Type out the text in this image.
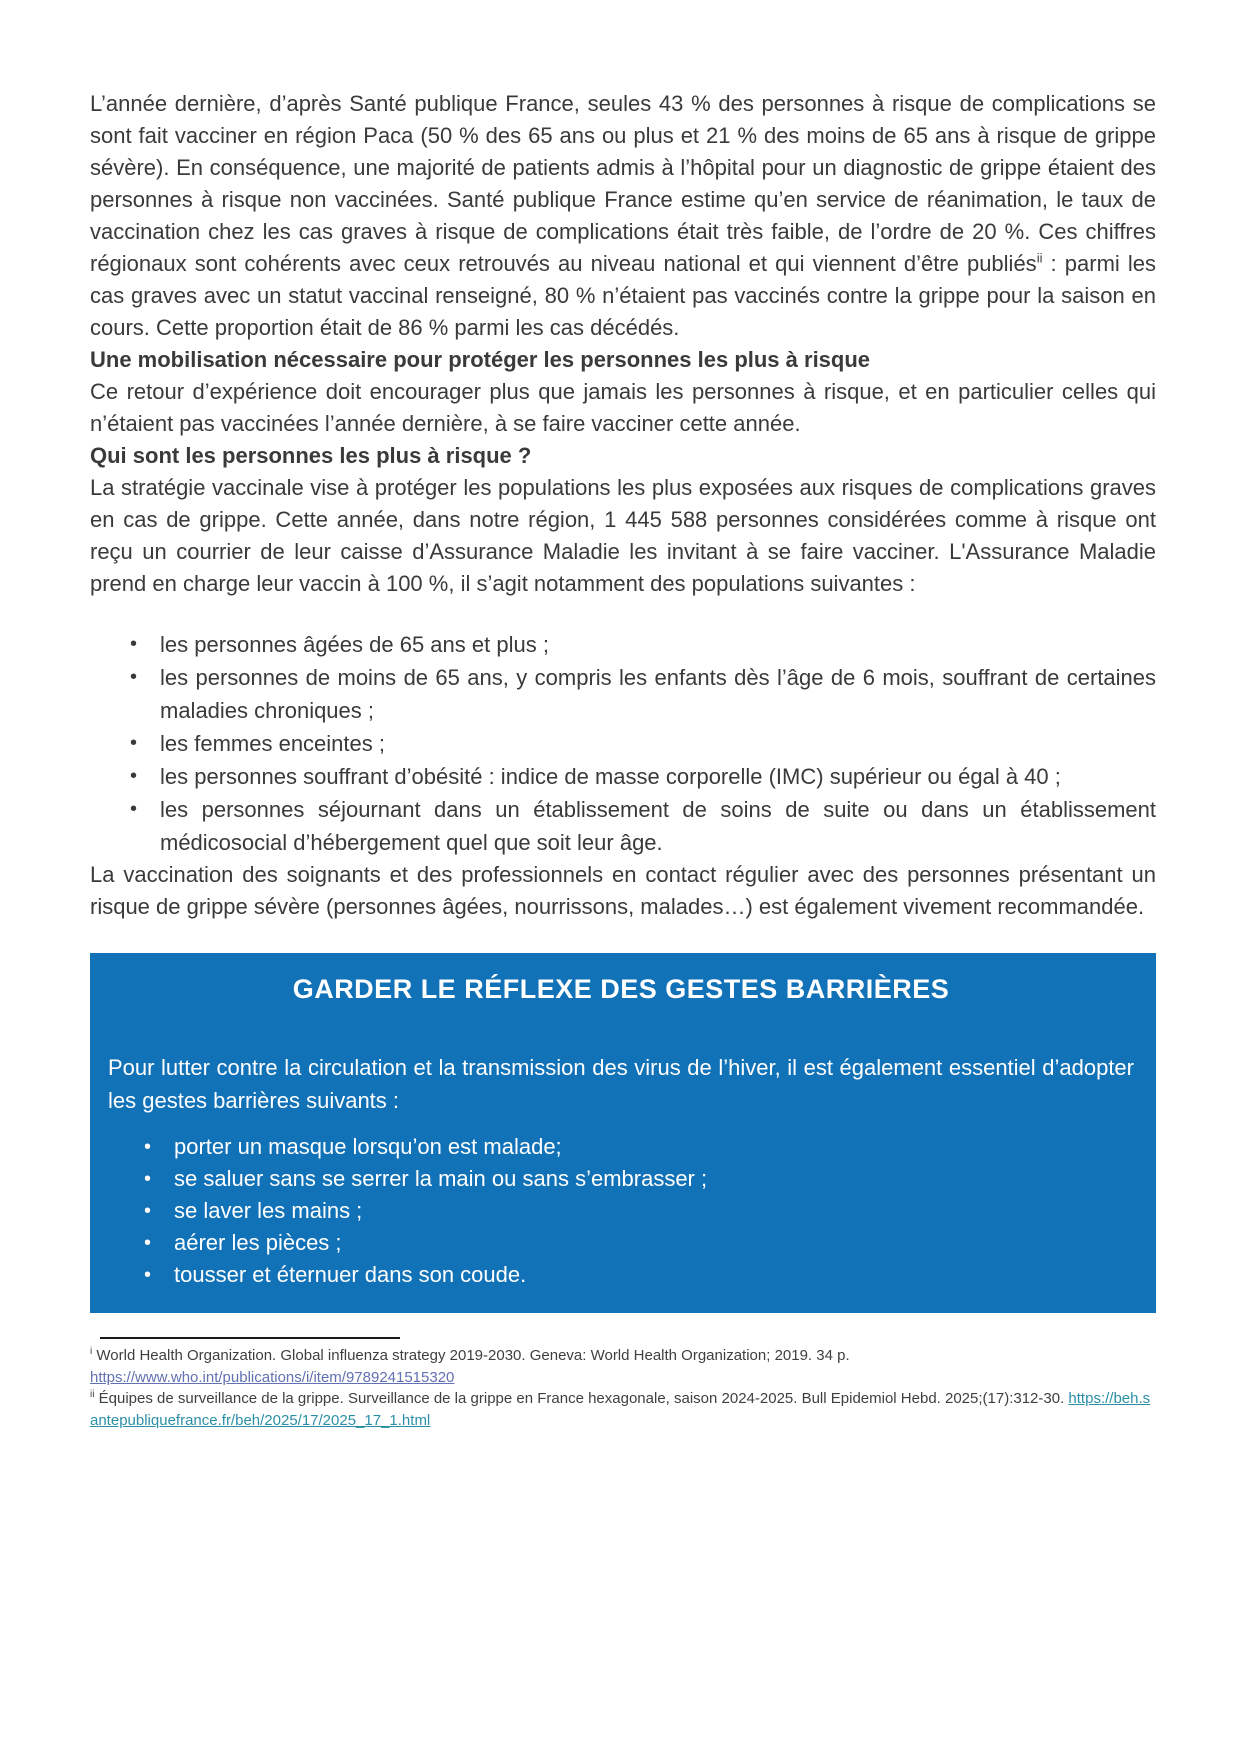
L’année dernière, d’après Santé publique France, seules 43 % des personnes à risque de complications se sont fait vacciner en région Paca (50 % des 65 ans ou plus et 21 % des moins de 65 ans à risque de grippe sévère). En conséquence, une majorité de patients admis à l’hôpital pour un diagnostic de grippe étaient des personnes à risque non vaccinées. Santé publique France estime qu’en service de réanimation, le taux de vaccination chez les cas graves à risque de complications était très faible, de l’ordre de 20 %. Ces chiffres régionaux sont cohérents avec ceux retrouvés au niveau national et qui viennent d’être publiés$^{ii}$ : parmi les cas graves avec un statut vaccinal renseigné, 80 % n’étaient pas vaccinés contre la grippe pour la saison en cours. Cette proportion était de 86 % parmi les cas décédés.

Une mobilisation nécessaire pour protéger les personnes les plus à risque

Ce retour d’expérience doit encourager plus que jamais les personnes à risque, et en particulier celles qui n’étaient pas vaccinées l’année dernière, à se faire vacciner cette année.

Qui sont les personnes les plus à risque ?

La stratégie vaccinale vise à protéger les populations les plus exposées aux risques de complications graves en cas de grippe. Cette année, dans notre région, 1 445 588 personnes considérées comme à risque ont reçu un courrier de leur caisse d’Assurance Maladie les invitant à se faire vacciner. L'Assurance Maladie prend en charge leur vaccin à 100 %, il s’agit notamment des populations suivantes :

• les personnes âgées de 65 ans et plus ;
• les personnes de moins de 65 ans, y compris les enfants dès l’âge de 6 mois, souffrant de certaines maladies chroniques ;
• les femmes enceintes ;
• les personnes souffrant d’obésité : indice de masse corporelle (IMC) supérieur ou égal à 40 ;
• les personnes séjournant dans un établissement de soins de suite ou dans un établissement médicosocial d’hébergement quel que soit leur âge.

La vaccination des soignants et des professionnels en contact régulier avec des personnes présentant un risque de grippe sévère (personnes âgées, nourrissons, malades…) est également vivement recommandée.

GARDER LE RÉFLEXE DES GESTES BARRIÈRES

Pour lutter contre la circulation et la transmission des virus de l’hiver, il est également essentiel d’adopter les gestes barrières suivants :

• porter un masque lorsqu’on est malade;
• se saluer sans se serrer la main ou sans s’embrasser ;
• se laver les mains ;
• aérer les pièces ;
• tousser et éternuer dans son coude.
$^i$ World Health Organization. Global influenza strategy 2019-2030. Geneva: World Health Organization; 2019. 34 p.
https://www.who.int/publications/i/item/9789241515320
$^{ii}$ Équipes de surveillance de la grippe. Surveillance de la grippe en France hexagonale, saison 2024-2025. Bull Epidemiol Hebd. 2025;(17):312-30. https://beh.santepubliquefrance.fr/beh/2025/17/2025_17_1.html
